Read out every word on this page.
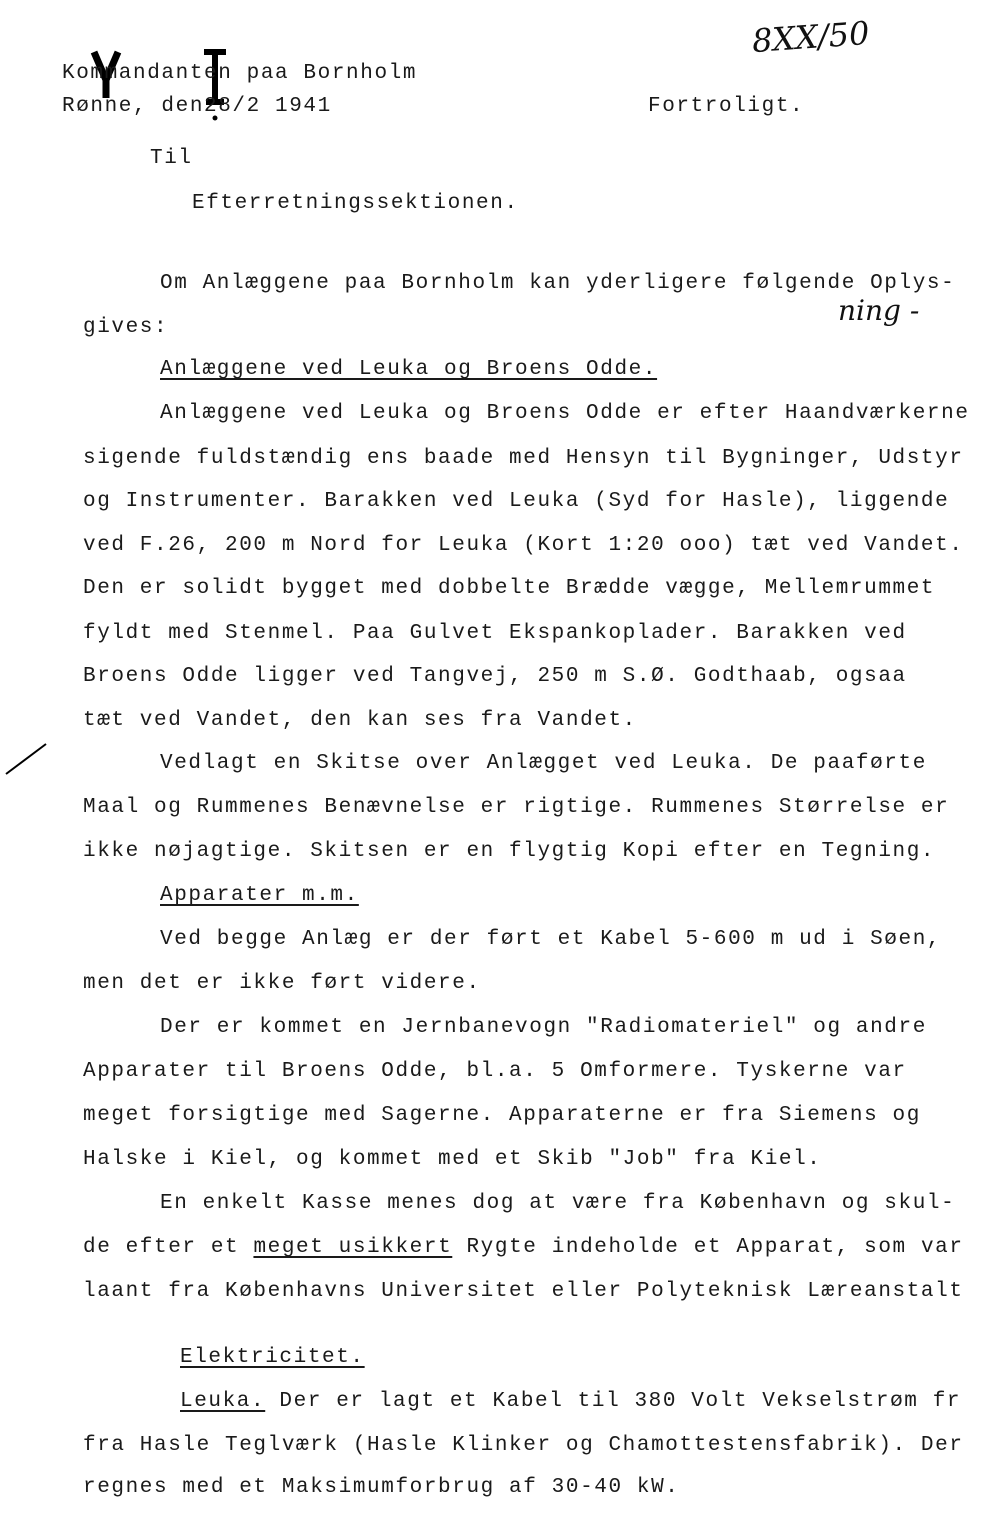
8XX/50
Kommandanten paa Bornholm
Rønne, den28/2 1941	Fortroligt.
Til
Efterretningssektionen.
Om Anlæggene paa Bornholm kan yderligere følgende Oplys-
ning -
gives:
Anlæggene ved Leuka og Broens Odde.
Anlæggene ved Leuka og Broens Odde er efter Haandværkerne
sigende fuldstændig ens baade med Hensyn til Bygninger, Udstyr
og Instrumenter. Barakken ved Leuka (Syd for Hasle), liggende
ved F.26, 200 m Nord for Leuka (Kort 1:20 ooo) tæt ved Vandet.
Den er solidt bygget med dobbelte Brædde vægge, Mellemrummet
fyldt med Stenmel. Paa Gulvet Ekspankoplader. Barakken ved
Broens Odde ligger ved Tangvej, 250 m S.Ø. Godthaab, ogsaa
tæt ved Vandet, den kan ses fra Vandet.
Vedlagt en Skitse over Anlægget ved Leuka. De paaførte
Maal og Rummenes Benævnelse er rigtige. Rummenes Størrelse er
ikke nøjagtige. Skitsen er en flygtig Kopi efter en Tegning.
Apparater m.m.
Ved begge Anlæg er der ført et Kabel 5-600 m ud i Søen,
men det er ikke ført videre.
Der er kommet en Jernbanevogn "Radiomateriel" og andre
Apparater til Broens Odde, bl.a. 5 Omformere. Tyskerne var
meget forsigtige med Sagerne. Apparaterne er fra Siemens og
Halske i Kiel, og kommet med et Skib "Job" fra Kiel.
En enkelt Kasse menes dog at være fra København og skul-
de efter et meget usikkert Rygte indeholde et Apparat, som var
laant fra Københavns Universitet eller Polyteknisk Læreanstalt
Elektricitet.
Leuka. Der er lagt et Kabel til 380 Volt Vekselstrøm fr
fra Hasle Teglværk (Hasle Klinker og Chamottestensfabrik). Der
regnes med et Maksimumforbrug af 30-40 kW.
